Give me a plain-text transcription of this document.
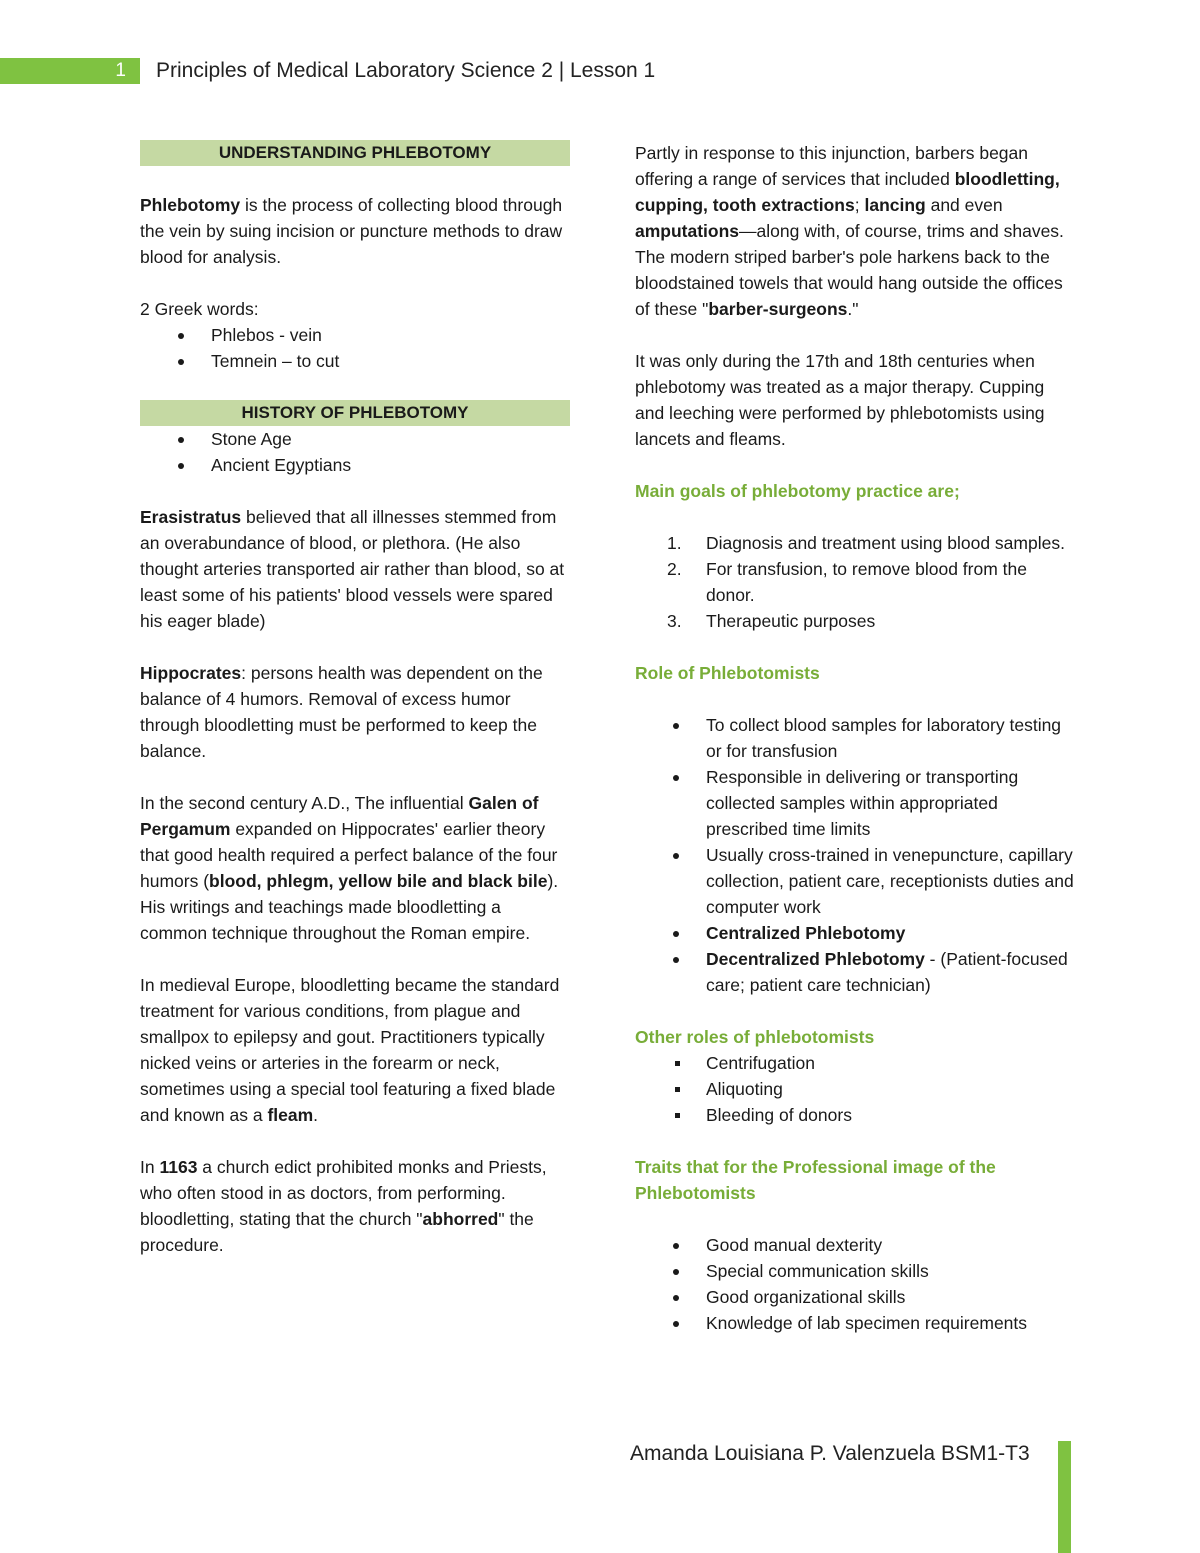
1	Principles of Medical Laboratory Science 2 | Lesson 1
UNDERSTANDING PHLEBOTOMY

Phlebotomy is the process of collecting blood through the vein by suing incision or puncture methods to draw blood for analysis.

2 Greek words:
Phlebos - vein
Temnein – to cut
HISTORY OF PHLEBOTOMY
Stone Age
Ancient Egyptians

Erasistratus believed that all illnesses stemmed from an overabundance of blood, or plethora. (He also thought arteries transported air rather than blood, so at least some of his patients' blood vessels were spared his eager blade)

Hippocrates: persons health was dependent on the balance of 4 humors. Removal of excess humor through bloodletting must be performed to keep the balance.

In the second century A.D., The influential Galen of Pergamum expanded on Hippocrates' earlier theory that good health required a perfect balance of the four humors (blood, phlegm, yellow bile and black bile). His writings and teachings made bloodletting a common technique throughout the Roman empire.

In medieval Europe, bloodletting became the standard treatment for various conditions, from plague and smallpox to epilepsy and gout. Practitioners typically nicked veins or arteries in the forearm or neck, sometimes using a special tool featuring a fixed blade and known as a fleam.

In 1163 a church edict prohibited monks and Priests, who often stood in as doctors, from performing. bloodletting, stating that the church "abhorred" the procedure.

Partly in response to this injunction, barbers began offering a range of services that included bloodletting, cupping, tooth extractions; lancing and even amputations—along with, of course, trims and shaves. The modern striped barber's pole harkens back to the bloodstained towels that would hang outside the offices of these "barber-surgeons."

It was only during the 17th and 18th centuries when phlebotomy was treated as a major therapy. Cupping and leeching were performed by phlebotomists using lancets and fleams.

Main goals of phlebotomy practice are;
1. Diagnosis and treatment using blood samples.
2. For transfusion, to remove blood from the donor.
3. Therapeutic purposes
Role of Phlebotomists
To collect blood samples for laboratory testing or for transfusion
Responsible in delivering or transporting collected samples within appropriated prescribed time limits
Usually cross-trained in venepuncture, capillary collection, patient care, receptionists duties and computer work
Centralized Phlebotomy
Decentralized Phlebotomy - (Patient-focused care; patient care technician)
Other roles of phlebotomists
Centrifugation
Aliquoting
Bleeding of donors
Traits that for the Professional image of the Phlebotomists
Good manual dexterity
Special communication skills
Good organizational skills
Knowledge of lab specimen requirements
Amanda Louisiana P. Valenzuela BSM1-T3
